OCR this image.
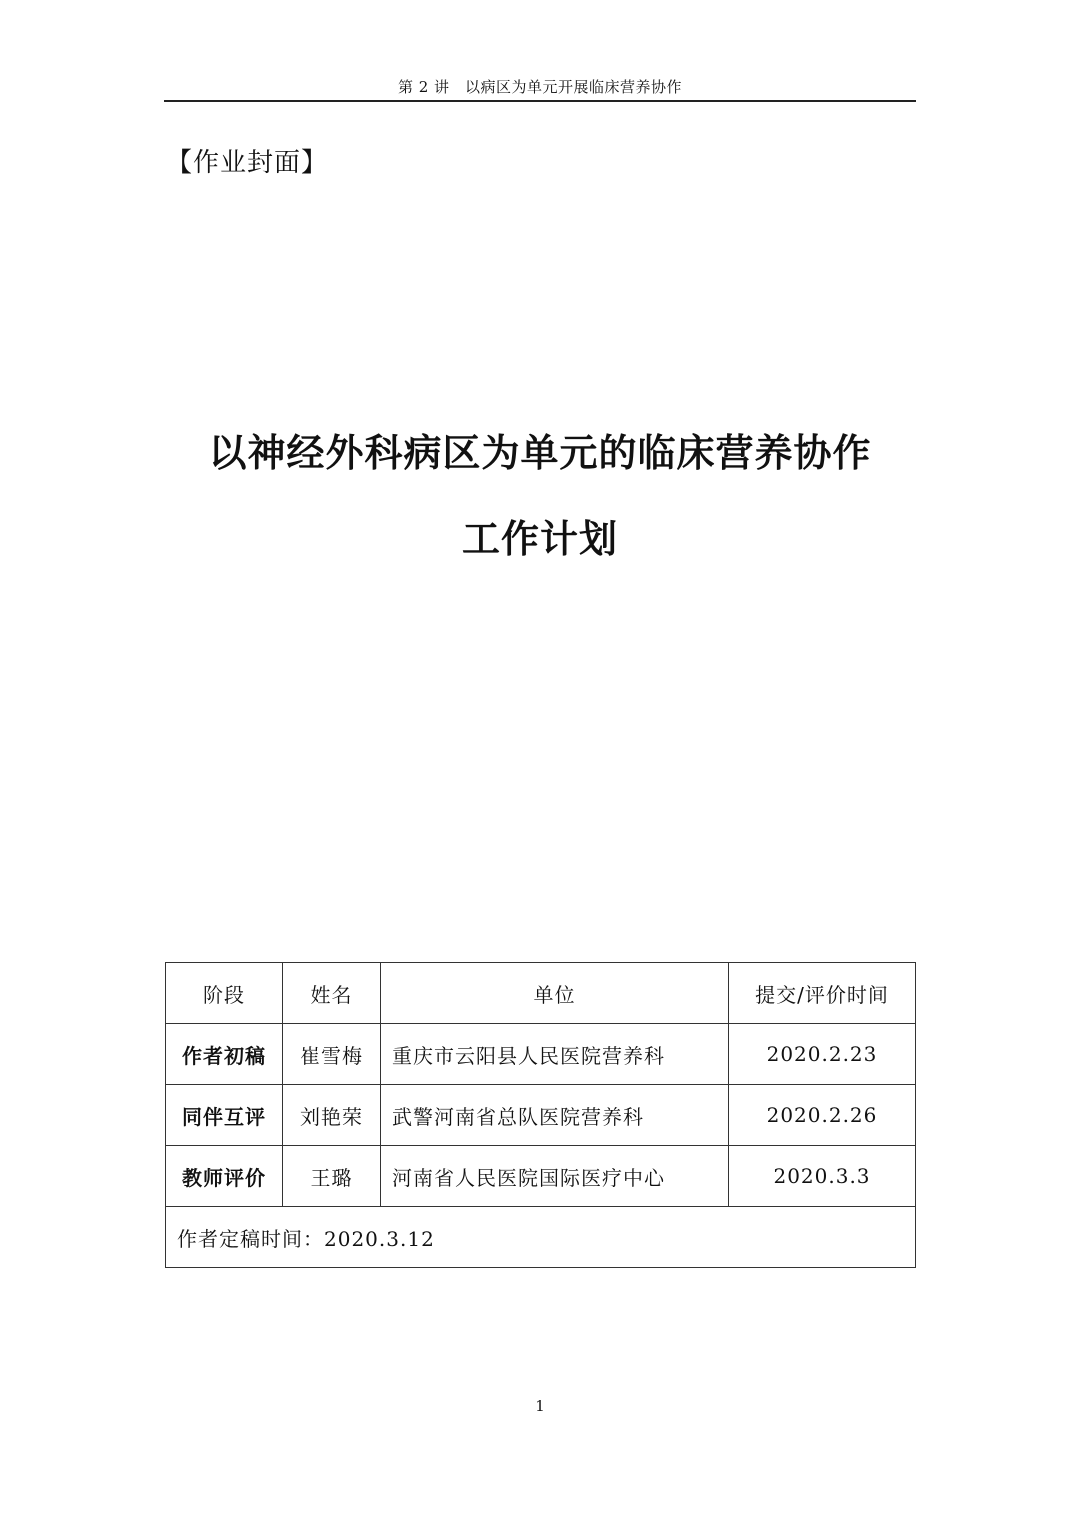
第 2 讲　以病区为单元开展临床营养协作
【作业封面】
以神经外科病区为单元的临床营养协作
工作计划
阶段	姓名	单位	提交/评价时间
作者初稿	崔雪梅	重庆市云阳县人民医院营养科	2020.2.23
同伴互评	刘艳荣	武警河南省总队医院营养科	2020.2.26
教师评价	王璐	河南省人民医院国际医疗中心	2020.3.3
作者定稿时间：2020.3.12			
1
